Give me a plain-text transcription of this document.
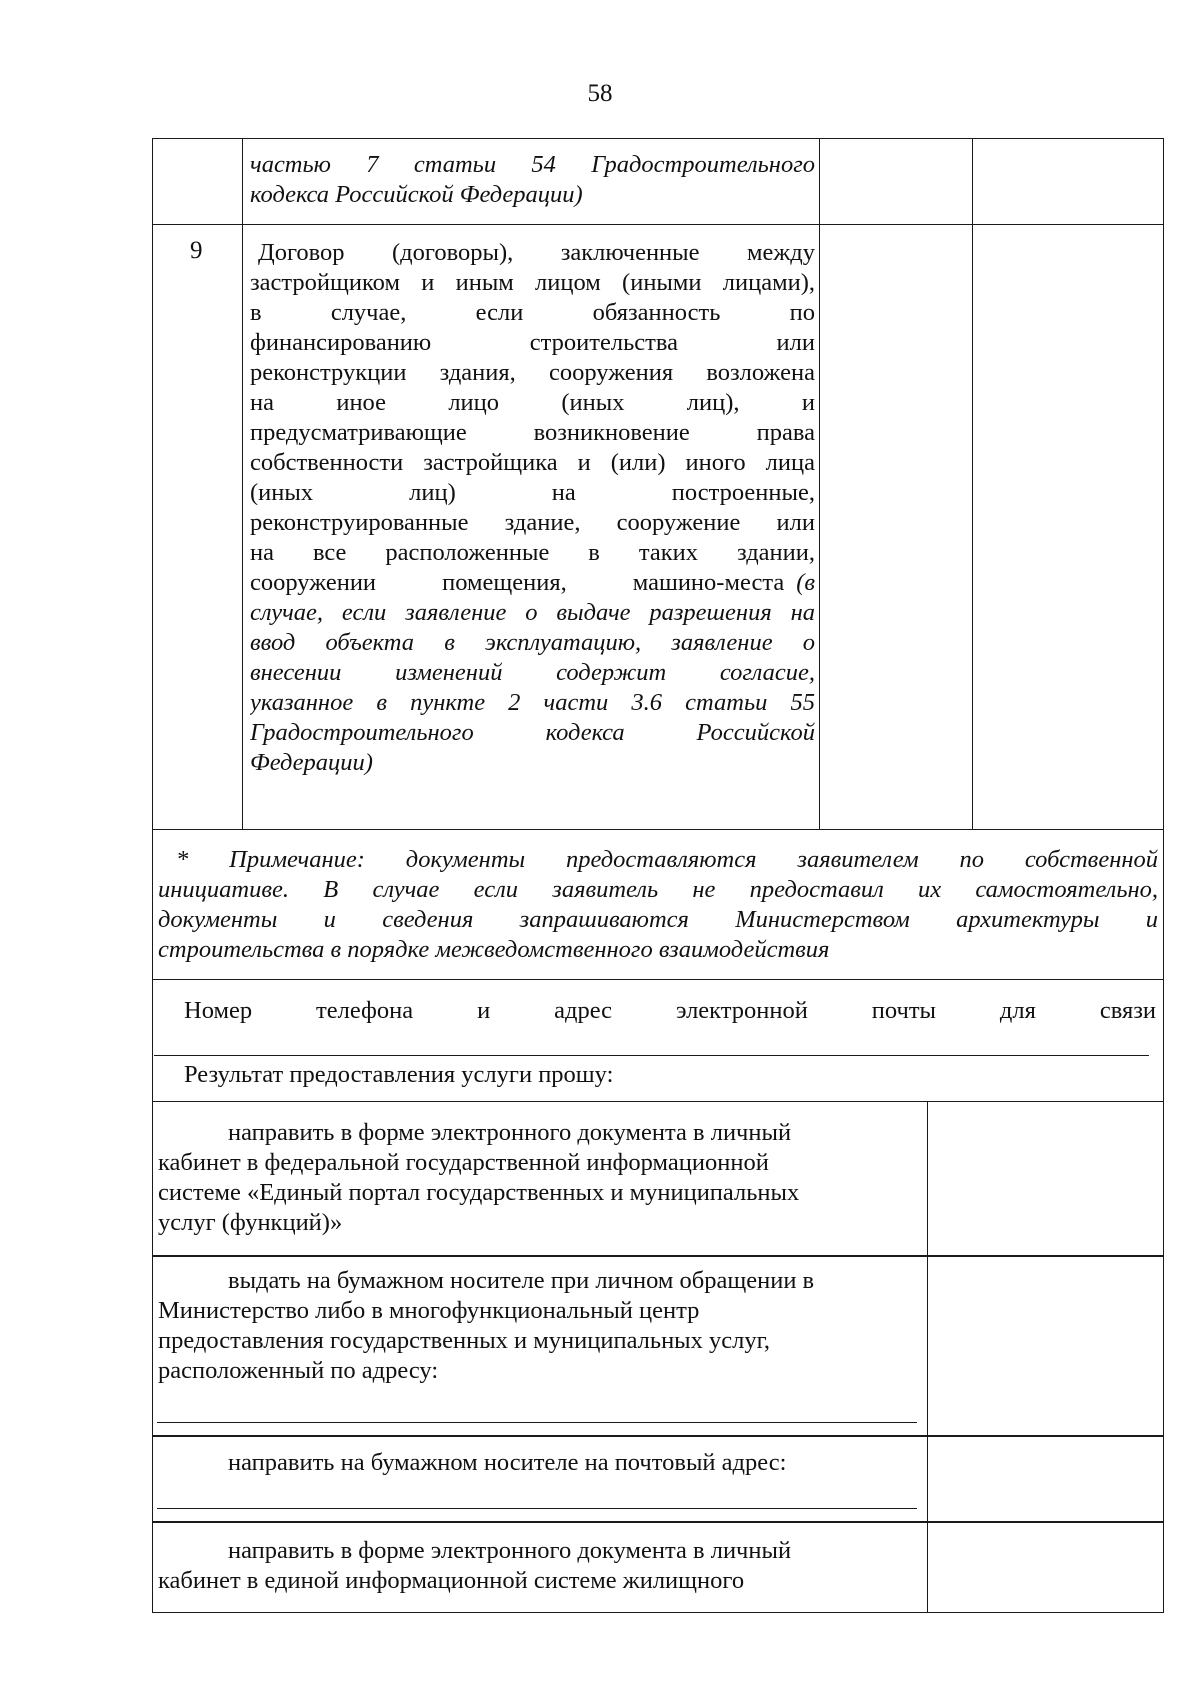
58
частью 7 статьи 54 Градостроительного
кодекса Российской Федерации)
9	Договор (договоры), заключенные между
застройщиком и иным лицом (иными лицами),
в случае, если обязанность по
финансированию строительства или
реконструкции здания, сооружения возложена
на иное лицо (иных лиц), и
предусматривающие возникновение права
собственности застройщика и (или) иного лица
(иных лиц) на построенные,
реконструированные здание, сооружение или
на все расположенные в таких здании,
сооружении помещения, машино-места (в
случае, если заявление о выдаче разрешения на
ввод объекта в эксплуатацию, заявление о
внесении изменений содержит согласие,
указанное в пункте 2 части 3.6 статьи 55
Градостроительного кодекса Российской
Федерации)
* Примечание: документы предоставляются заявителем по собственной
инициативе. В случае если заявитель не предоставил их самостоятельно,
документы и сведения запрашиваются Министерством архитектуры и
строительства в порядке межведомственного взаимодействия
Номер телефона и адрес электронной почты для связи
Результат предоставления услуги прошу:
направить в форме электронного документа в личный
кабинет в федеральной государственной информационной
системе «Единый портал государственных и муниципальных
услуг (функций)»
выдать на бумажном носителе при личном обращении в
Министерство либо в многофункциональный центр
предоставления государственных и муниципальных услуг,
расположенный по адресу:
направить на бумажном носителе на почтовый адрес:
направить в форме электронного документа в личный
кабинет в единой информационной системе жилищного
